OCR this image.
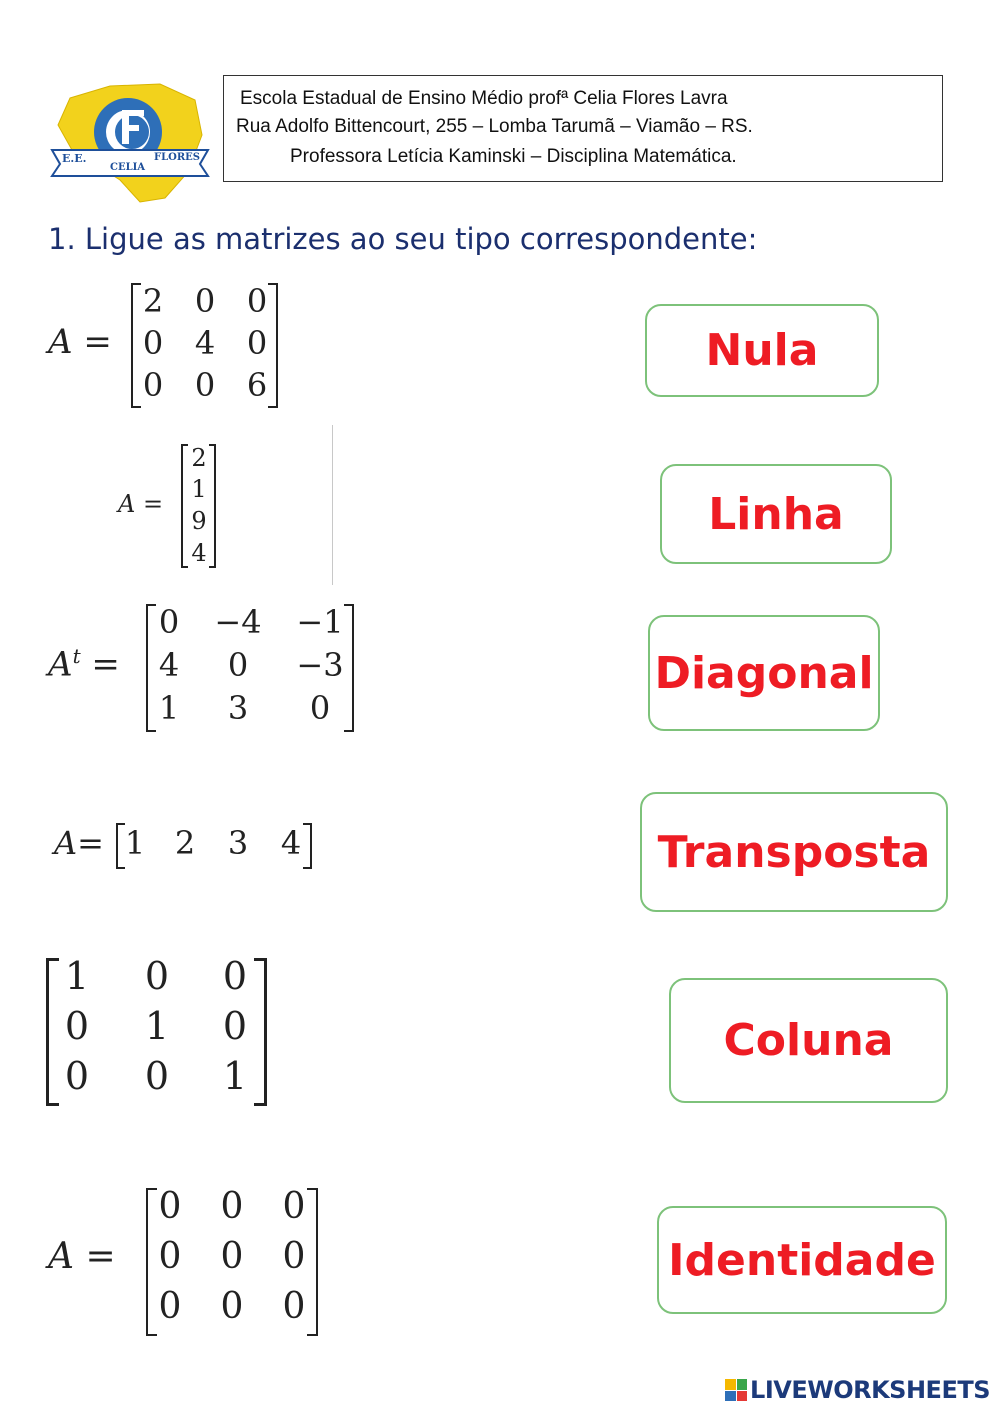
E.E.
CELIA
FLORES
Escola Estadual de Ensino Médio profª Celia Flores Lavra
Rua Adolfo Bittencourt, 255 – Lomba Tarumã – Viamão – RS.
Professora Letícia Kaminski – Disciplina Matemática.
1. Ligue as matrizes ao seu tipo correspondente:
A =
2 0 0
0 4 0
0 0 6
A =
2
1
9
4
$A^t$ =
0 −4 −1
4	0	−3
1	3	0
A= 1 2 3 4
1 0 0
0 1 0
0 0 1
A =
0 0 0
0 0 0
0 0 0
Nula
Linha
Diagonal
Transposta
Coluna
Identidade
LIVEWORKSHEETS
